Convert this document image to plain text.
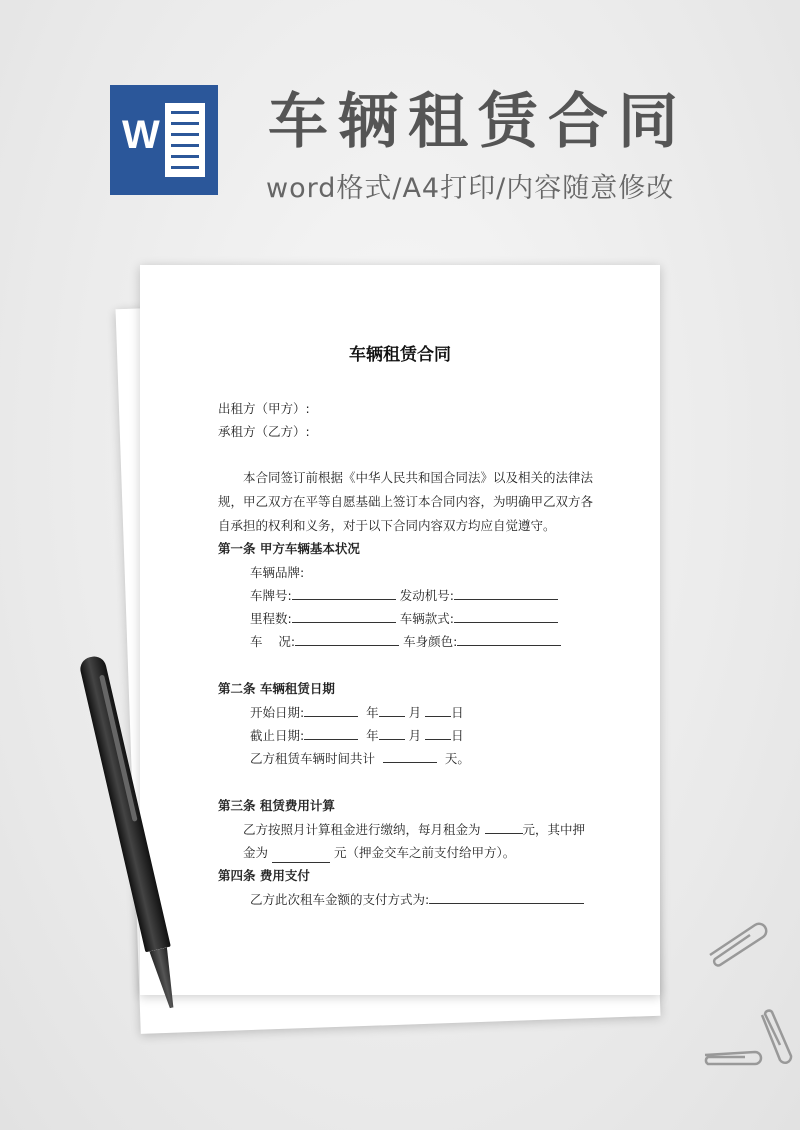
W 车辆租赁合同
word格式/A4打印/内容随意修改
车辆租赁合同
出租方（甲方）:
承租方（乙方）:
本合同签订前根据《中华人民共和国合同法》以及相关的法律法
规，甲乙双方在平等自愿基础上签订本合同内容，为明确甲乙双方各
自承担的权利和义务，对于以下合同内容双方均应自觉遵守。
第一条 甲方车辆基本状况
车辆品牌:
车牌号:	发动机号:
里程数:	车辆款式:
车    况:	车身颜色:
第二条 车辆租赁日期
开始日期:	年 月 日
截止日期:	年 月 日
乙方租赁车辆时间共计	天。
第三条 租赁费用计算
乙方按照月计算租金进行缴纳，每月租金为	元，其中押
金为	元（押金交车之前支付给甲方）。
第四条 费用支付
乙方此次租车金额的支付方式为:
